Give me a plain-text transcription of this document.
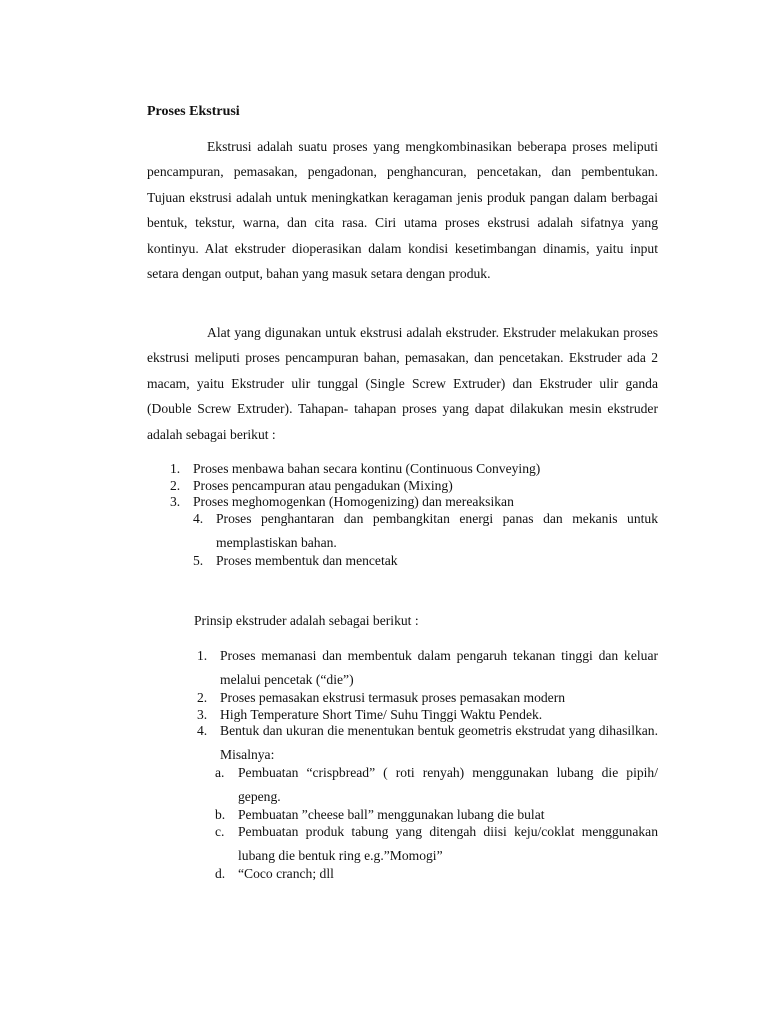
Proses Ekstrusi

Ekstrusi adalah suatu proses yang mengkombinasikan beberapa proses meliputi pencampuran, pemasakan, pengadonan, penghancuran, pencetakan, dan pembentukan. Tujuan ekstrusi adalah untuk meningkatkan keragaman jenis produk pangan dalam berbagai bentuk, tekstur, warna, dan cita rasa. Ciri utama proses ekstrusi adalah sifatnya yang kontinyu. Alat ekstruder dioperasikan dalam kondisi kesetimbangan dinamis, yaitu input setara dengan output, bahan yang masuk setara dengan produk.

Alat yang digunakan untuk ekstrusi adalah ekstruder. Ekstruder melakukan proses ekstrusi meliputi proses pencampuran bahan, pemasakan, dan pencetakan. Ekstruder ada 2 macam, yaitu Ekstruder ulir tunggal (Single Screw Extruder) dan Ekstruder ulir ganda (Double Screw Extruder). Tahapan- tahapan proses yang dapat dilakukan mesin ekstruder adalah sebagai berikut :

1. Proses menbawa bahan secara kontinu (Continuous Conveying)
2. Proses pencampuran atau pengadukan (Mixing)
3. Proses meghomogenkan (Homogenizing) dan mereaksikan
4. Proses penghantaran dan pembangkitan energi panas dan mekanis untuk memplastiskan bahan.
5. Proses membentuk dan mencetak
Prinsip ekstruder adalah sebagai berikut :
1. Proses memanasi dan membentuk dalam pengaruh tekanan tinggi dan keluar melalui pencetak (“die”)
2. Proses pemasakan ekstrusi termasuk proses pemasakan modern
3. High Temperature Short Time/ Suhu Tinggi Waktu Pendek.
4. Bentuk dan ukuran die menentukan bentuk geometris ekstrudat yang dihasilkan. Misalnya:
a. Pembuatan “crispbread” ( roti renyah) menggunakan lubang die pipih/ gepeng.
b. Pembuatan ”cheese ball” menggunakan lubang die bulat
c. Pembuatan produk tabung yang ditengah diisi keju/coklat menggunakan lubang die bentuk ring e.g.”Momogi”
d. “Coco cranch; dll
